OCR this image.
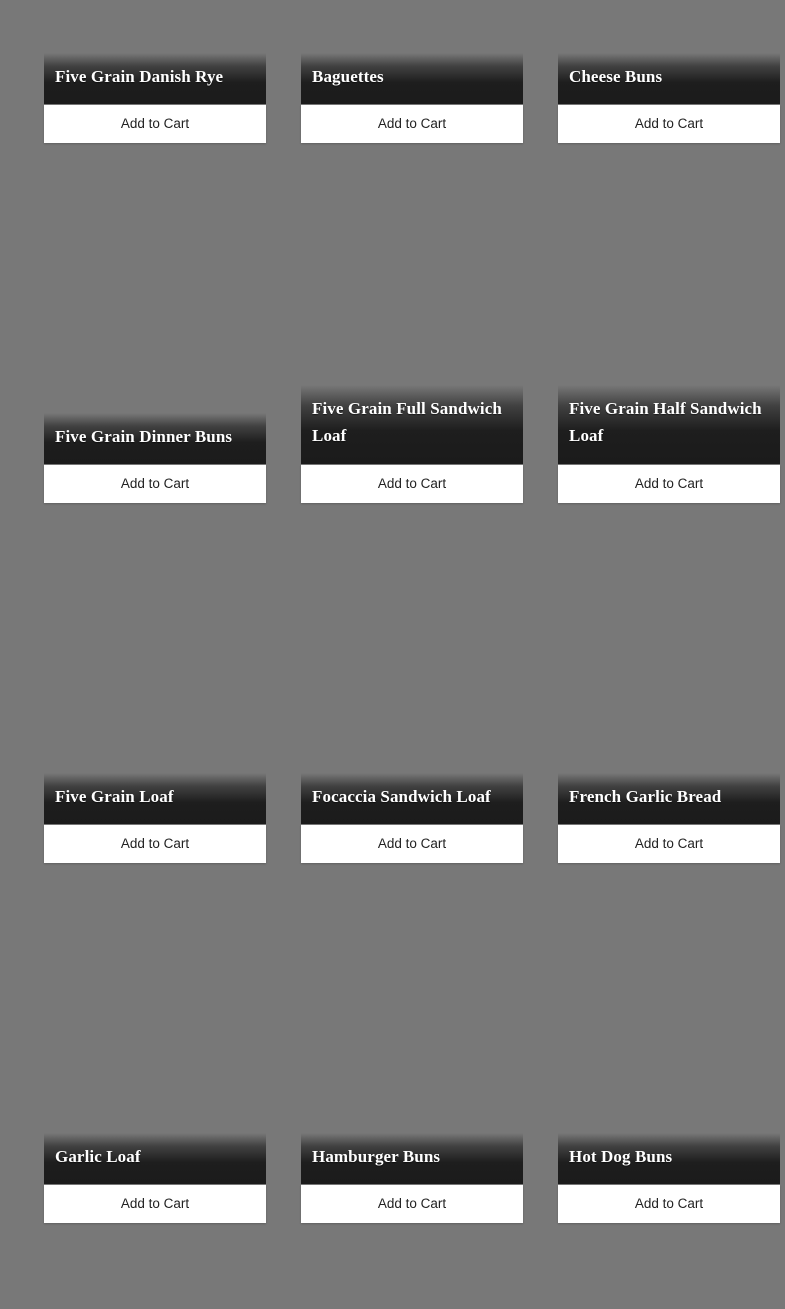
Five Grain Danish Rye
Add to Cart
Baguettes
Add to Cart
Cheese Buns
Add to Cart
Five Grain Dinner Buns
Add to Cart
Five Grain Full Sandwich Loaf
Add to Cart
Five Grain Half Sandwich Loaf
Add to Cart
Five Grain Loaf
Add to Cart
Focaccia Sandwich Loaf
Add to Cart
French Garlic Bread
Add to Cart
Garlic Loaf
Add to Cart
Hamburger Buns
Add to Cart
Hot Dog Buns
Add to Cart
